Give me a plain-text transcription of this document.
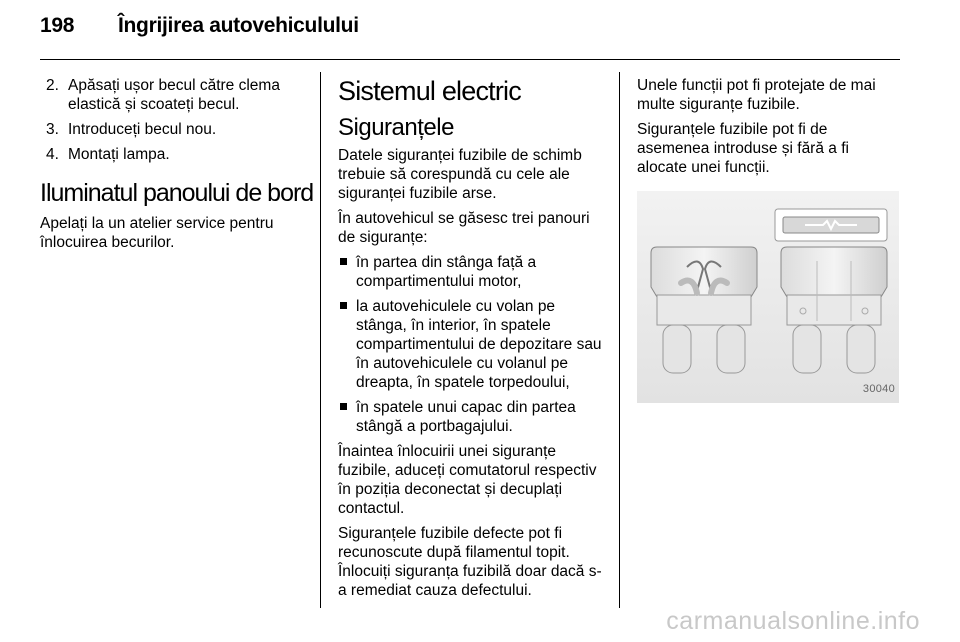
198 Îngrijirea autovehiculului
2. Apăsați ușor becul către clema elastică și scoateți becul.
3. Introduceți becul nou.
4. Montați lampa.
Iluminatul panoului de bord

Apelați la un atelier service pentru înlocuirea becurilor.

Sistemul electric
Siguranțele

Datele siguranței fuzibile de schimb trebuie să corespundă cu cele ale siguranței fuzibile arse.

În autovehicul se găsesc trei panouri de siguranțe:

în partea din stânga față a compartimentului motor,
la autovehiculele cu volan pe stânga, în interior, în spatele compartimentului de depozitare sau în autovehiculele cu volanul pe dreapta, în spatele torpedoului,
în spatele unui capac din partea stângă a portbagajului.

Înaintea înlocuirii unei siguranțe fuzibile, aduceți comutatorul respectiv în poziția deconectat și decuplați contactul.

Siguranțele fuzibile defecte pot fi recunoscute după filamentul topit. Înlocuiți siguranța fuzibilă doar dacă s-a remediat cauza defectului.

Unele funcții pot fi protejate de mai multe siguranțe fuzibile.

Siguranțele fuzibile pot fi de asemenea introduse și fără a fi alocate unei funcții.

30040
carmanualsonline.info
